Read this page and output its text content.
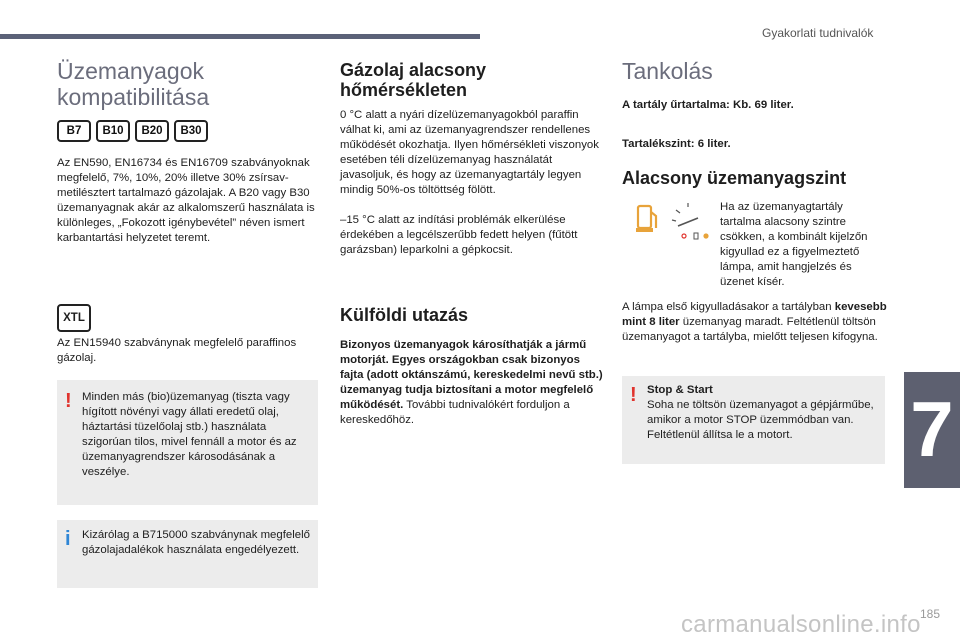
Gyakorlati tudnivalók
7
Üzemanyagok
kompatibilitása
B7	B10	B20	B30
Az EN590, EN16734 és EN16709 szabványoknak megfelelő, 7%, 10%, 20% illetve 30% zsírsav-metilésztert tartalmazó gázolajak. A B20 vagy B30 üzemanyagnak akár az alkalomszerű használata is különleges, „Fokozott igénybevétel” néven ismert karbantartási helyzetet teremt.
XTL
Az EN15940 szabványnak megfelelő paraffinos gázolaj.
! Minden más (bio)üzemanyag (tiszta vagy hígított növényi vagy állati eredetű olaj, háztartási tüzelőolaj stb.) használata szigorúan tilos, mivel fennáll a motor és az üzemanyagrendszer károsodásának a veszélye.
i Kizárólag a B715000 szabványnak megfelelő gázolajadalékok használata engedélyezett.
Gázolaj alacsony
hőmérsékleten
0 °C alatt a nyári dízelüzemanyagokból paraffin válhat ki, ami az üzemanyagrendszer rendellenes működését okozhatja. Ilyen hőmérsékleti viszonyok esetében téli dízelüzemanyag használatát javasoljuk, és hogy az üzemanyagtartály legyen mindig 50%-os töltöttség fölött.
–15 °C alatt az indítási problémák elkerülése érdekében a legcélszerűbb fedett helyen (fűtött garázsban) leparkolni a gépkocsit.
Külföldi utazás
Bizonyos üzemanyagok károsíthatják a jármű motorját. Egyes országokban csak bizonyos fajta (adott oktánszámú, kereskedelmi nevű stb.) üzemanyag tudja biztosítani a motor megfelelő működését. További tudnivalókért forduljon a kereskedőhöz.
Tankolás
A tartály űrtartalma: Kb. 69 liter.
Tartalékszint: 6 liter.
Alacsony üzemanyagszint
Ha az üzemanyagtartály tartalma alacsony szintre csökken, a kombinált kijelzőn kigyullad ez a figyelmeztető lámpa, amit hangjelzés és üzenet kísér.
A lámpa első kigyulladásakor a tartályban kevesebb mint 8 liter üzemanyag maradt. Feltétlenül töltsön üzemanyagot a tartályba, mielőtt teljesen kifogyna.
! Stop & Start
Soha ne töltsön üzemanyagot a gépjárműbe, amikor a motor STOP üzemmódban van. Feltétlenül állítsa le a motort.
carmanualsonline.info 185
